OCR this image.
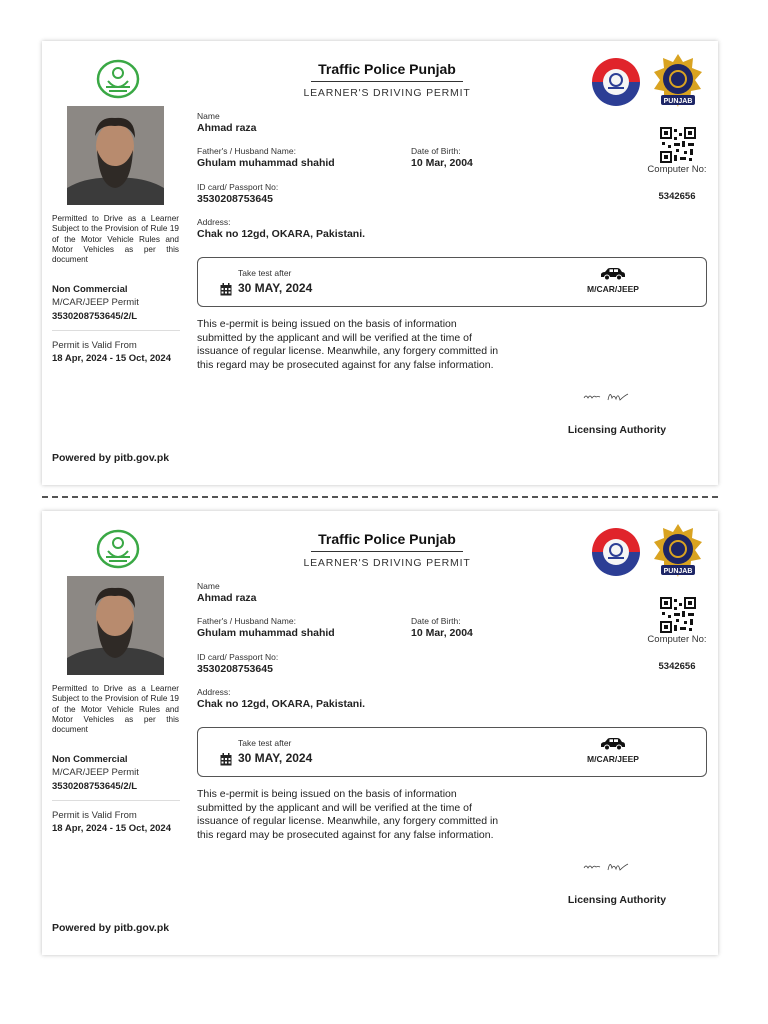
Traffic Police Punjab
LEARNER'S DRIVING PERMIT
PUNJAB
Name
Ahmad raza
Father's / Husband Name:
Ghulam muhammad shahid
Date of Birth:
10 Mar, 2004
ID card/ Passport No:
3530208753645
Address:
Chak no 12gd, OKARA, Pakistani.
Computer No:
5342656
Permitted to Drive as a Learner Subject to the Provision of Rule 19 of the Motor Vehicle Rules and Motor Vehicles as per this document
Non Commercial
M/CAR/JEEP Permit
3530208753645/2/L
Permit is Valid From
18 Apr, 2024 - 15 Oct, 2024
Take test after
30 MAY, 2024	M/CAR/JEEP
This e-permit is being issued on the basis of information submitted by the applicant and will be verified at the time of issuance of regular license. Meanwhile, any forgery committed in this regard may be prosecuted against for any false information.
Licensing Authority
Powered by pitb.gov.pk
Traffic Police Punjab
LEARNER'S DRIVING PERMIT
PUNJAB
Name
Ahmad raza
Father's / Husband Name:
Ghulam muhammad shahid
Date of Birth:
10 Mar, 2004
ID card/ Passport No:
3530208753645
Address:
Chak no 12gd, OKARA, Pakistani.
Computer No:
5342656
Permitted to Drive as a Learner Subject to the Provision of Rule 19 of the Motor Vehicle Rules and Motor Vehicles as per this document
Non Commercial
M/CAR/JEEP Permit
3530208753645/2/L
Permit is Valid From
18 Apr, 2024 - 15 Oct, 2024
Take test after
30 MAY, 2024	M/CAR/JEEP
This e-permit is being issued on the basis of information submitted by the applicant and will be verified at the time of issuance of regular license. Meanwhile, any forgery committed in this regard may be prosecuted against for any false information.
Licensing Authority
Powered by pitb.gov.pk
